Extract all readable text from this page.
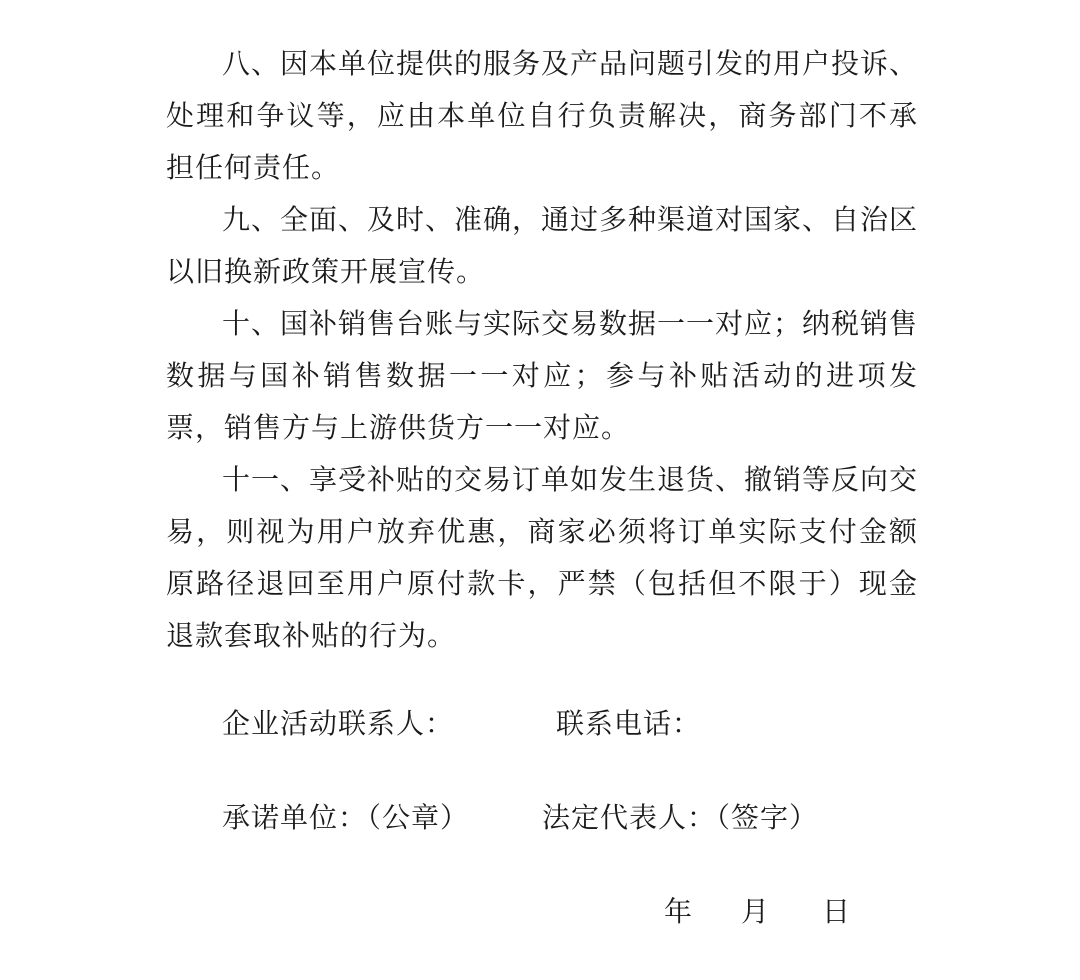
八、因本单位提供的服务及产品问题引发的用户投诉、处理和争议等，应由本单位自行负责解决，商务部门不承担任何责任。

九、全面、及时、准确，通过多种渠道对国家、自治区以旧换新政策开展宣传。

十、国补销售台账与实际交易数据一一对应；纳税销售数据与国补销售数据一一对应；参与补贴活动的进项发票，销售方与上游供货方一一对应。

十一、享受补贴的交易订单如发生退货、撤销等反向交易，则视为用户放弃优惠，商家必须将订单实际支付金额原路径退回至用户原付款卡，严禁（包括但不限于）现金退款套取补贴的行为。

企业活动联系人：	联系电话：
承诺单位：（公章）	法定代表人：（签字）
年 月 日
